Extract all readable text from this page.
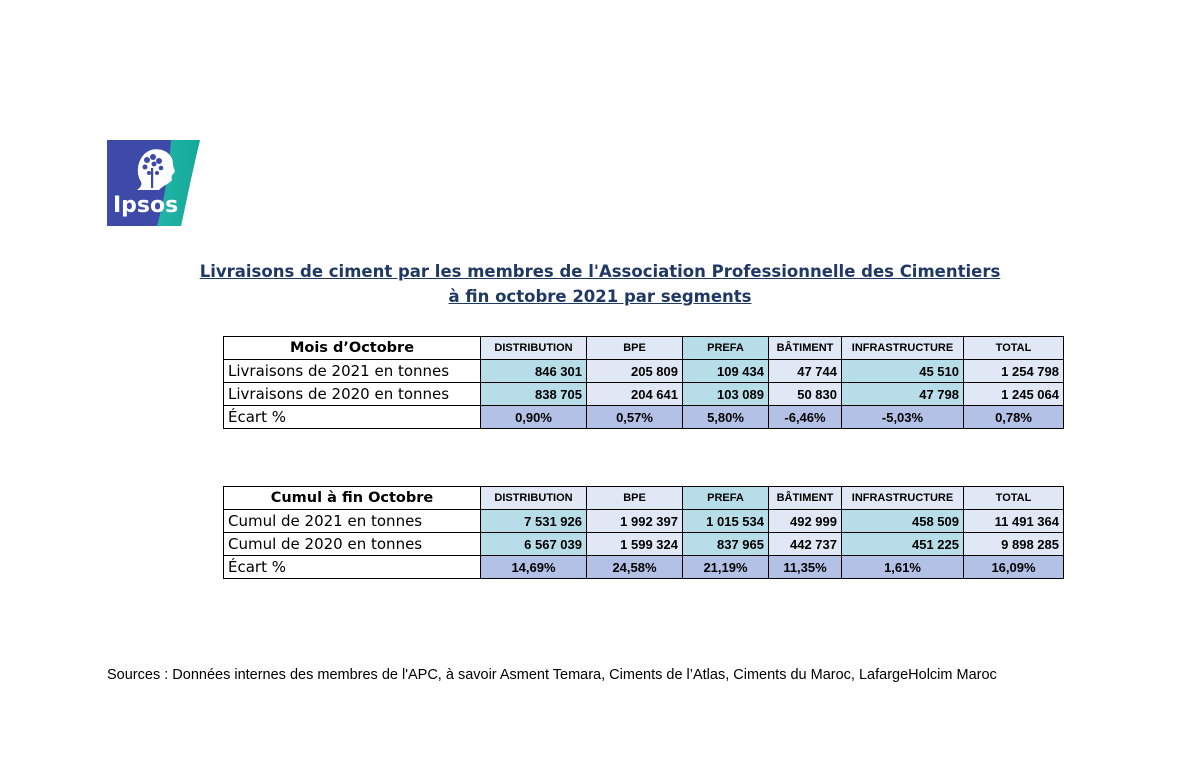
Ipsos
Livraisons de ciment par les membres de l'Association Professionnelle des Cimentiers
à fin octobre 2021 par segments
Mois d’Octobre	DISTRIBUTION	BPE	PREFA	BÂTIMENT	INFRASTRUCTURE	TOTAL
Livraisons de 2021 en tonnes	846 301	205 809	109 434	47 744	45 510	1 254 798
Livraisons de 2020 en tonnes	838 705	204 641	103 089	50 830	47 798	1 245 064
Écart %	0,90%	0,57%	5,80%	-6,46%	-5,03%	0,78%
Cumul à fin Octobre	DISTRIBUTION	BPE	PREFA	BÂTIMENT	INFRASTRUCTURE	TOTAL
Cumul de 2021 en tonnes	7 531 926	1 992 397	1 015 534	492 999	458 509	11 491 364
Cumul de 2020 en tonnes	6 567 039	1 599 324	837 965	442 737	451 225	9 898 285
Écart %	14,69%	24,58%	21,19%	11,35%	1,61%	16,09%
Sources : Données internes des membres de l'APC, à savoir Asment Temara, Ciments de l’Atlas, Ciments du Maroc, LafargeHolcim Maroc
